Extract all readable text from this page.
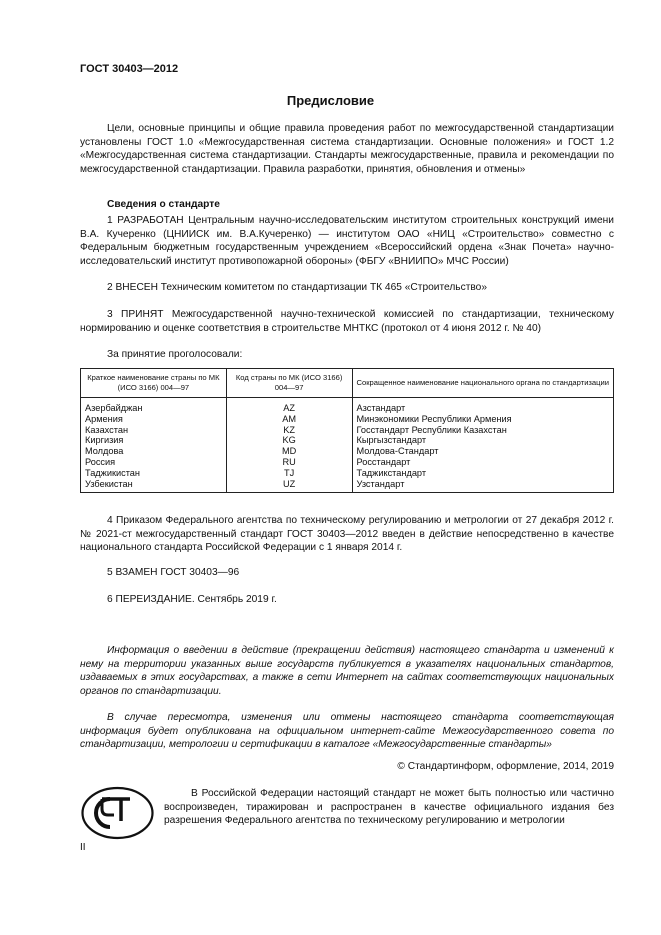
ГОСТ 30403—2012
Предисловие
Цели, основные принципы и общие правила проведения работ по межгосударственной стандартизации установлены ГОСТ 1.0 «Межгосударственная система стандартизации. Основные положения» и ГОСТ 1.2 «Межгосударственная система стандартизации. Стандарты межгосударственные, правила и рекомендации по межгосударственной стандартизации. Правила разработки, принятия, обновления и отмены»
Сведения о стандарте
1 РАЗРАБОТАН Центральным научно-исследовательским институтом строительных конструкций имени В.А. Кучеренко (ЦНИИСК им. В.А.Кучеренко) — институтом ОАО «НИЦ «Строительство» совместно с Федеральным бюджетным государственным учреждением «Всероссийский ордена «Знак Почета» научно-исследовательский институт противопожарной обороны» (ФБГУ «ВНИИПО» МЧС России)
2 ВНЕСЕН Техническим комитетом по стандартизации ТК 465 «Строительство»
3 ПРИНЯТ Межгосударственной научно-технической комиссией по стандартизации, техническому нормированию и оценке соответствия в строительстве МНТКС (протокол от 4 июня 2012 г. № 40)
За принятие проголосовали:
Краткое наименование страны по МК (ИСО 3166) 004—97	Код страны по МК (ИСО 3166) 004—97	Сокращенное наименование национального органа по стандартизации
Азербайджан	AZ	Азстандарт
Армения	AM	Минэкономики Республики Армения
Казахстан	KZ	Госстандарт Республики Казахстан
Киргизия	KG	Кыргызстандарт
Молдова	MD	Молдова-Стандарт
Россия	RU	Росстандарт
Таджикистан	TJ	Таджикстандарт
Узбекистан	UZ	Узстандарт
4 Приказом Федерального агентства по техническому регулированию и метрологии от 27 декабря 2012 г. № 2021-ст межгосударственный стандарт ГОСТ 30403—2012 введен в действие непосредственно в качестве национального стандарта Российской Федерации с 1 января 2014 г.
5 ВЗАМЕН ГОСТ 30403—96
6 ПЕРЕИЗДАНИЕ. Сентябрь 2019 г.
Информация о введении в действие (прекращении действия) настоящего стандарта и изменений к нему на территории указанных выше государств публикуется в указателях национальных стандартов, издаваемых в этих государствах, а также в сети Интернет на сайтах соответствующих национальных органов по стандартизации.
В случае пересмотра, изменения или отмены настоящего стандарта соответствующая информация будет опубликована на официальном интернет-сайте Межгосударственного совета по стандартизации, метрологии и сертификации в каталоге «Межгосударственные стандарты»
© Стандартинформ, оформление, 2014, 2019
В Российской Федерации настоящий стандарт не может быть полностью или частично воспроизведен, тиражирован и распространен в качестве официального издания без разрешения Федерального агентства по техническому регулированию и метрологии
II
